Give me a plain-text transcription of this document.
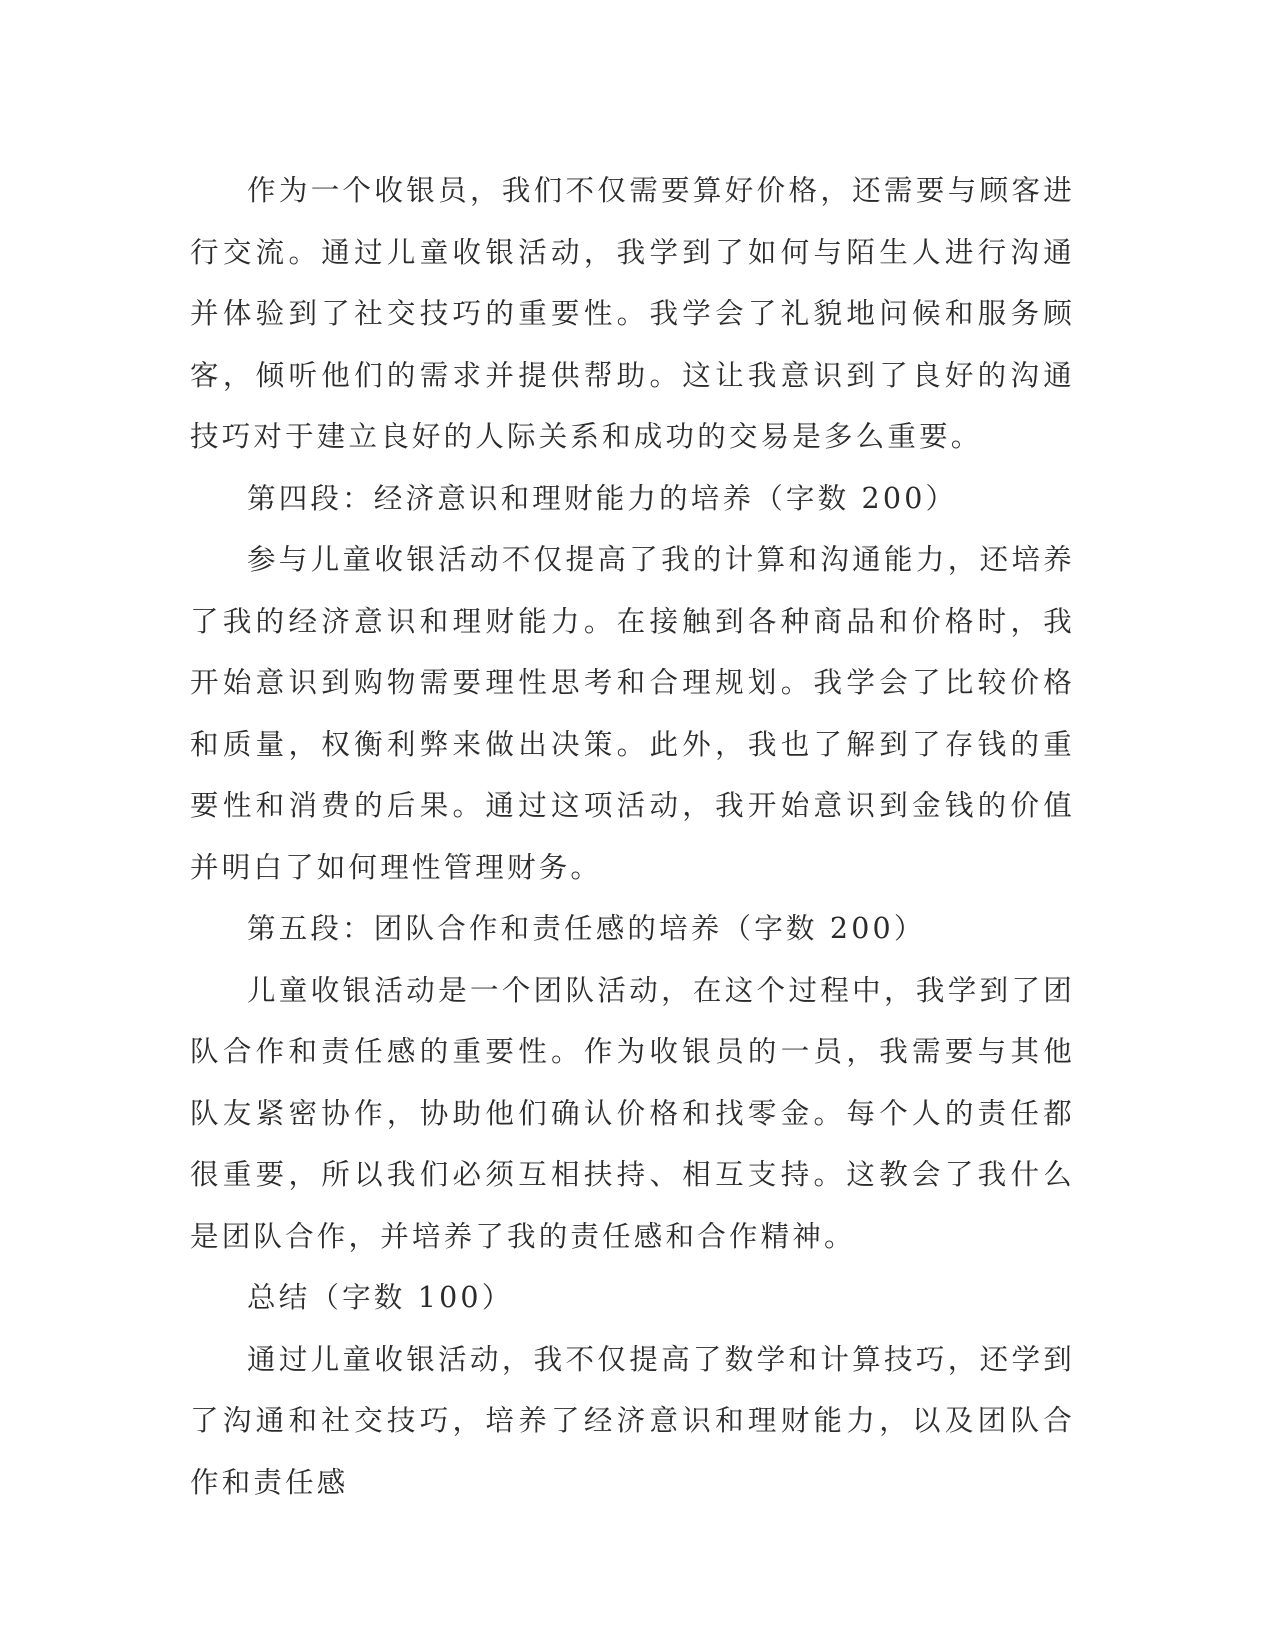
作为一个收银员，我们不仅需要算好价格，还需要与顾客进行交流。通过儿童收银活动，我学到了如何与陌生人进行沟通并体验到了社交技巧的重要性。我学会了礼貌地问候和服务顾客，倾听他们的需求并提供帮助。这让我意识到了良好的沟通技巧对于建立良好的人际关系和成功的交易是多么重要。

第四段：经济意识和理财能力的培养（字数 200）

参与儿童收银活动不仅提高了我的计算和沟通能力，还培养了我的经济意识和理财能力。在接触到各种商品和价格时，我开始意识到购物需要理性思考和合理规划。我学会了比较价格和质量，权衡利弊来做出决策。此外，我也了解到了存钱的重要性和消费的后果。通过这项活动，我开始意识到金钱的价值并明白了如何理性管理财务。

第五段：团队合作和责任感的培养（字数 200）

儿童收银活动是一个团队活动，在这个过程中，我学到了团队合作和责任感的重要性。作为收银员的一员，我需要与其他队友紧密协作，协助他们确认价格和找零金。每个人的责任都很重要，所以我们必须互相扶持、相互支持。这教会了我什么是团队合作，并培养了我的责任感和合作精神。

总结（字数 100）

通过儿童收银活动，我不仅提高了数学和计算技巧，还学到了沟通和社交技巧，培养了经济意识和理财能力，以及团队合作和责任感
